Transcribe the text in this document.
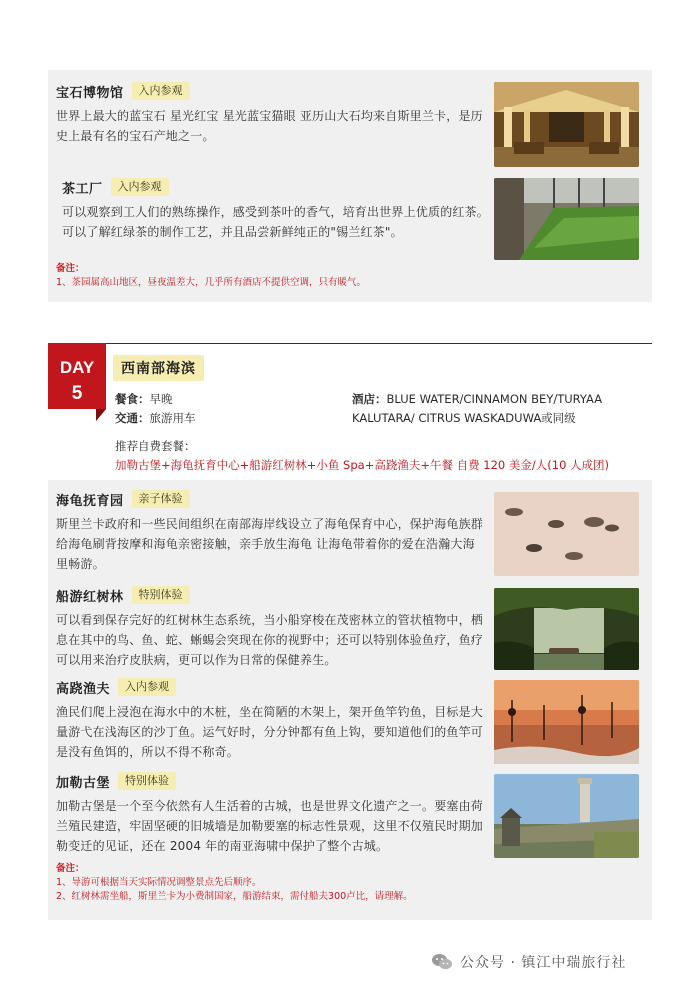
宝石博物馆	入内参观
世界上最大的蓝宝石 星光红宝 星光蓝宝猫眼 亚历山大石均来自斯里兰卡，是历史上最有名的宝石产地之一。
茶工厂	入内参观
可以观察到工人们的熟练操作，感受到茶叶的香气，培育出世界上优质的红茶。可以了解红绿茶的制作工艺，并且品尝新鲜纯正的"锡兰红茶"。
备注：
1、茶园属高山地区，昼夜温差大，几乎所有酒店不提供空调，只有暖气。
DAY
5
西南部海滨
餐食：早晚
交通：旅游用车
酒店：BLUE WATER/CINNAMON BEY/TURYAA KALUTARA/ CITRUS WASKADUWA或同级
推荐自费套餐：
加勒古堡+海龟抚育中心+船游红树林+小鱼 Spa+高跷渔夫+午餐 自费 120 美金/人(10 人成团)
海龟抚育园	亲子体验
斯里兰卡政府和一些民间组织在南部海岸线设立了海龟保育中心，保护海龟族群 给海龟刷背按摩和海龟亲密接触，亲手放生海龟 让海龟带着你的爱在浩瀚大海里畅游。
船游红树林	特别体验
可以看到保存完好的红树林生态系统，当小船穿梭在茂密林立的管状植物中，栖息在其中的鸟、鱼、蛇、蜥蜴会突现在你的视野中；还可以特别体验鱼疗，鱼疗可以用来治疗皮肤病，更可以作为日常的保健养生。
高跷渔夫	入内参观
渔民们爬上浸泡在海水中的木桩，坐在简陋的木架上，架开鱼竿钓鱼，目标是大量游弋在浅海区的沙丁鱼。运气好时，分分钟都有鱼上钩，要知道他们的鱼竿可是没有鱼饵的，所以不得不称奇。
加勒古堡	特别体验
加勒古堡是一个至今依然有人生活着的古城，也是世界文化遗产之一。要塞由荷兰殖民建造，牢固坚硬的旧城墙是加勒要塞的标志性景观，这里不仅殖民时期加勒变迁的见证，还在 2004 年的南亚海啸中保护了整个古城。
备注：
1、导游可根据当天实际情况调整景点先后顺序。
2、红树林需坐船，斯里兰卡为小费制国家，船游结束，需付船夫300卢比，请理解。
公众号 · 镇江中瑞旅行社
